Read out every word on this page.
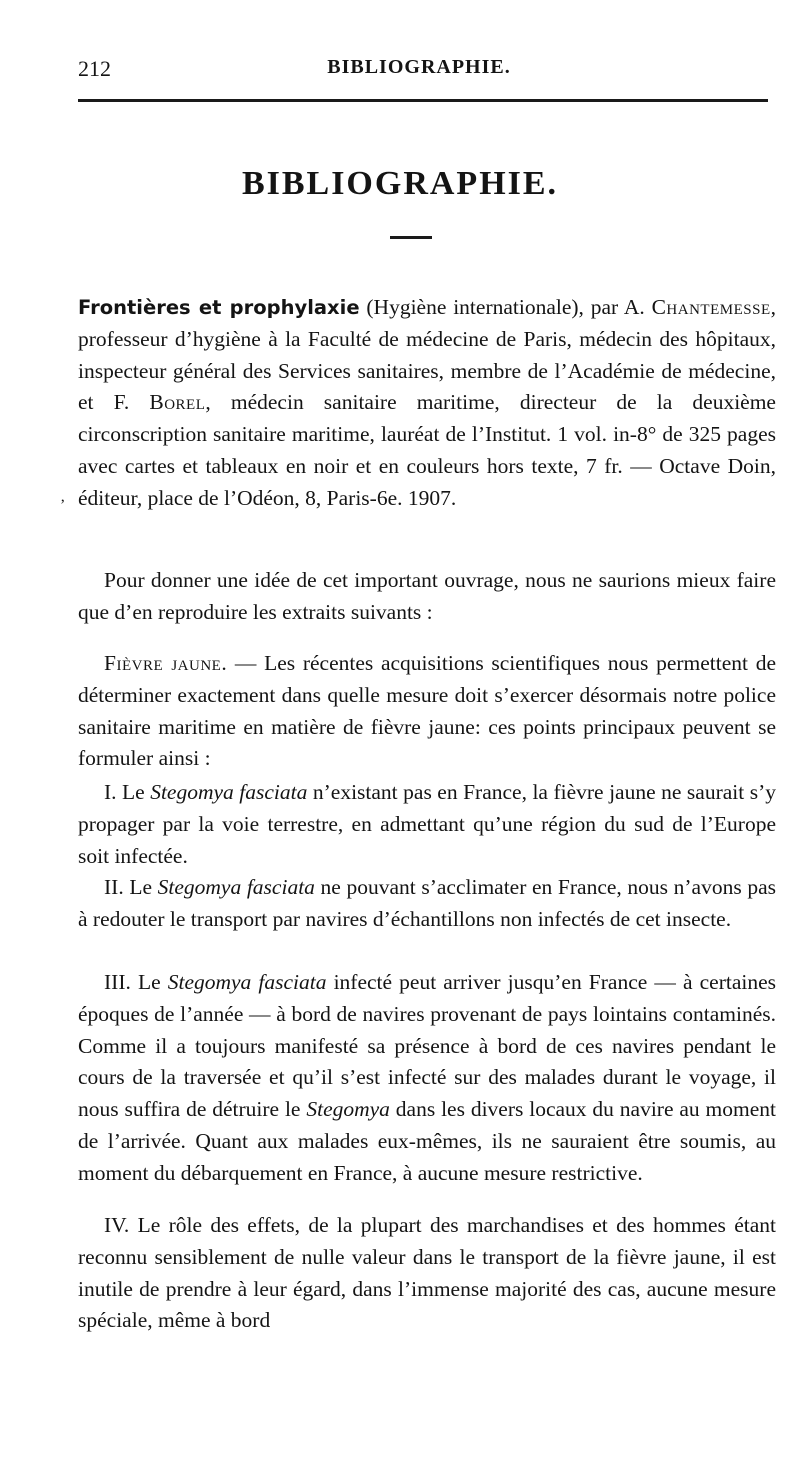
212	BIBLIOGRAPHIE.
BIBLIOGRAPHIE.

Frontières et prophylaxie (Hygiène internationale), par A. Chantemesse, professeur d’hygiène à la Faculté de médecine de Paris, médecin des hôpitaux, inspecteur général des Services sanitaires, membre de l’Académie de médecine, et F. Borel, médecin sanitaire maritime, directeur de la deuxième circonscription sanitaire maritime, lauréat de l’Institut. 1 vol. in-8° de 325 pages avec cartes et tableaux en noir et en couleurs hors texte, 7 fr. — Octave Doin, éditeur, place de l’Odéon, 8, Paris-6e. 1907.

‚

Pour donner une idée de cet important ouvrage, nous ne saurions mieux faire que d’en reproduire les extraits suivants :

Fièvre jaune. — Les récentes acquisitions scientifiques nous permettent de déterminer exactement dans quelle mesure doit s’exercer désormais notre police sanitaire maritime en matière de fièvre jaune: ces points principaux peuvent se formuler ainsi :

I. Le Stegomya fasciata n’existant pas en France, la fièvre jaune ne saurait s’y propager par la voie terrestre, en admettant qu’une région du sud de l’Europe soit infectée.

II. Le Stegomya fasciata ne pouvant s’acclimater en France, nous n’avons pas à redouter le transport par navires d’échantillons non infectés de cet insecte.

III. Le Stegomya fasciata infecté peut arriver jusqu’en France — à certaines époques de l’année — à bord de navires provenant de pays lointains contaminés. Comme il a toujours manifesté sa présence à bord de ces navires pendant le cours de la traversée et qu’il s’est infecté sur des malades durant le voyage, il nous suffira de détruire le Stegomya dans les divers locaux du navire au moment de l’arrivée. Quant aux malades eux-mêmes, ils ne sauraient être soumis, au moment du débarquement en France, à aucune mesure restrictive.

IV. Le rôle des effets, de la plupart des marchandises et des hommes étant reconnu sensiblement de nulle valeur dans le transport de la fièvre jaune, il est inutile de prendre à leur égard, dans l’immense majorité des cas, aucune mesure spéciale, même à bord
